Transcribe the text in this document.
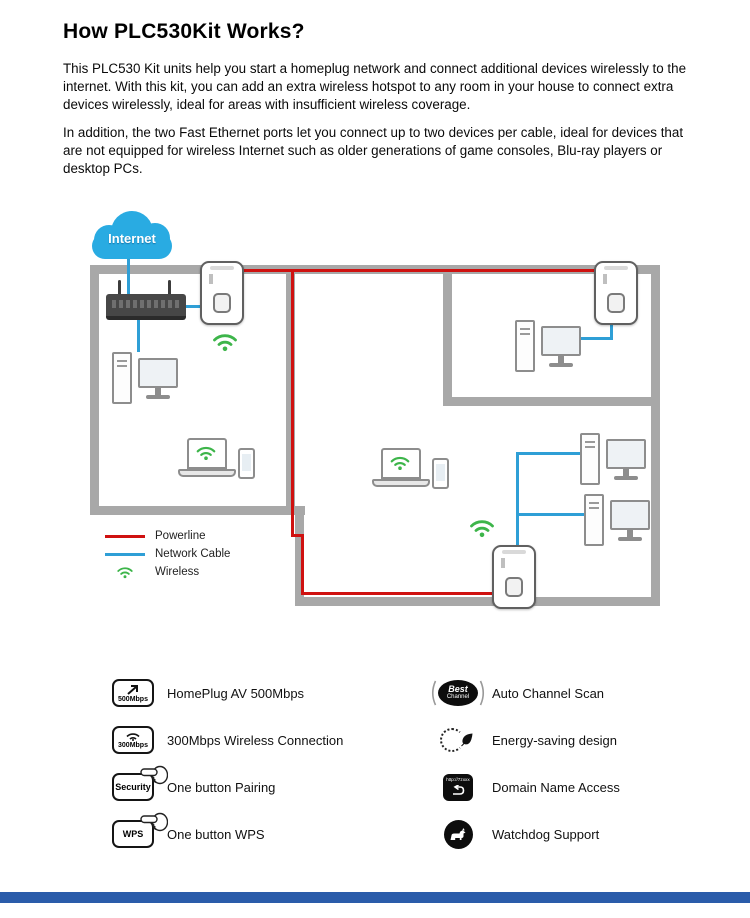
How PLC530Kit Works?

This PLC530 Kit units help you start a homeplug network and connect additional devices wirelessly to the internet. With this kit, you can add an extra wireless hotspot to any room in your house to connect extra devices wirelessly, ideal for areas with insufficient wireless coverage.

In addition, the two Fast Ethernet ports let you connect up to two devices per cable, ideal for devices that are not equipped for wireless Internet such as older generations of game consoles, Blu-ray players or desktop PCs.

Internet
Powerline
Network Cable
Wireless
500Mbps HomePlug AV 500Mbps
300Mbps 300Mbps Wireless Connection
Security One button Pairing
WPS One button WPS
Best
Channel Auto Channel Scan
Energy-saving design
http://7zxxx Domain Name Access
Watchdog Support
